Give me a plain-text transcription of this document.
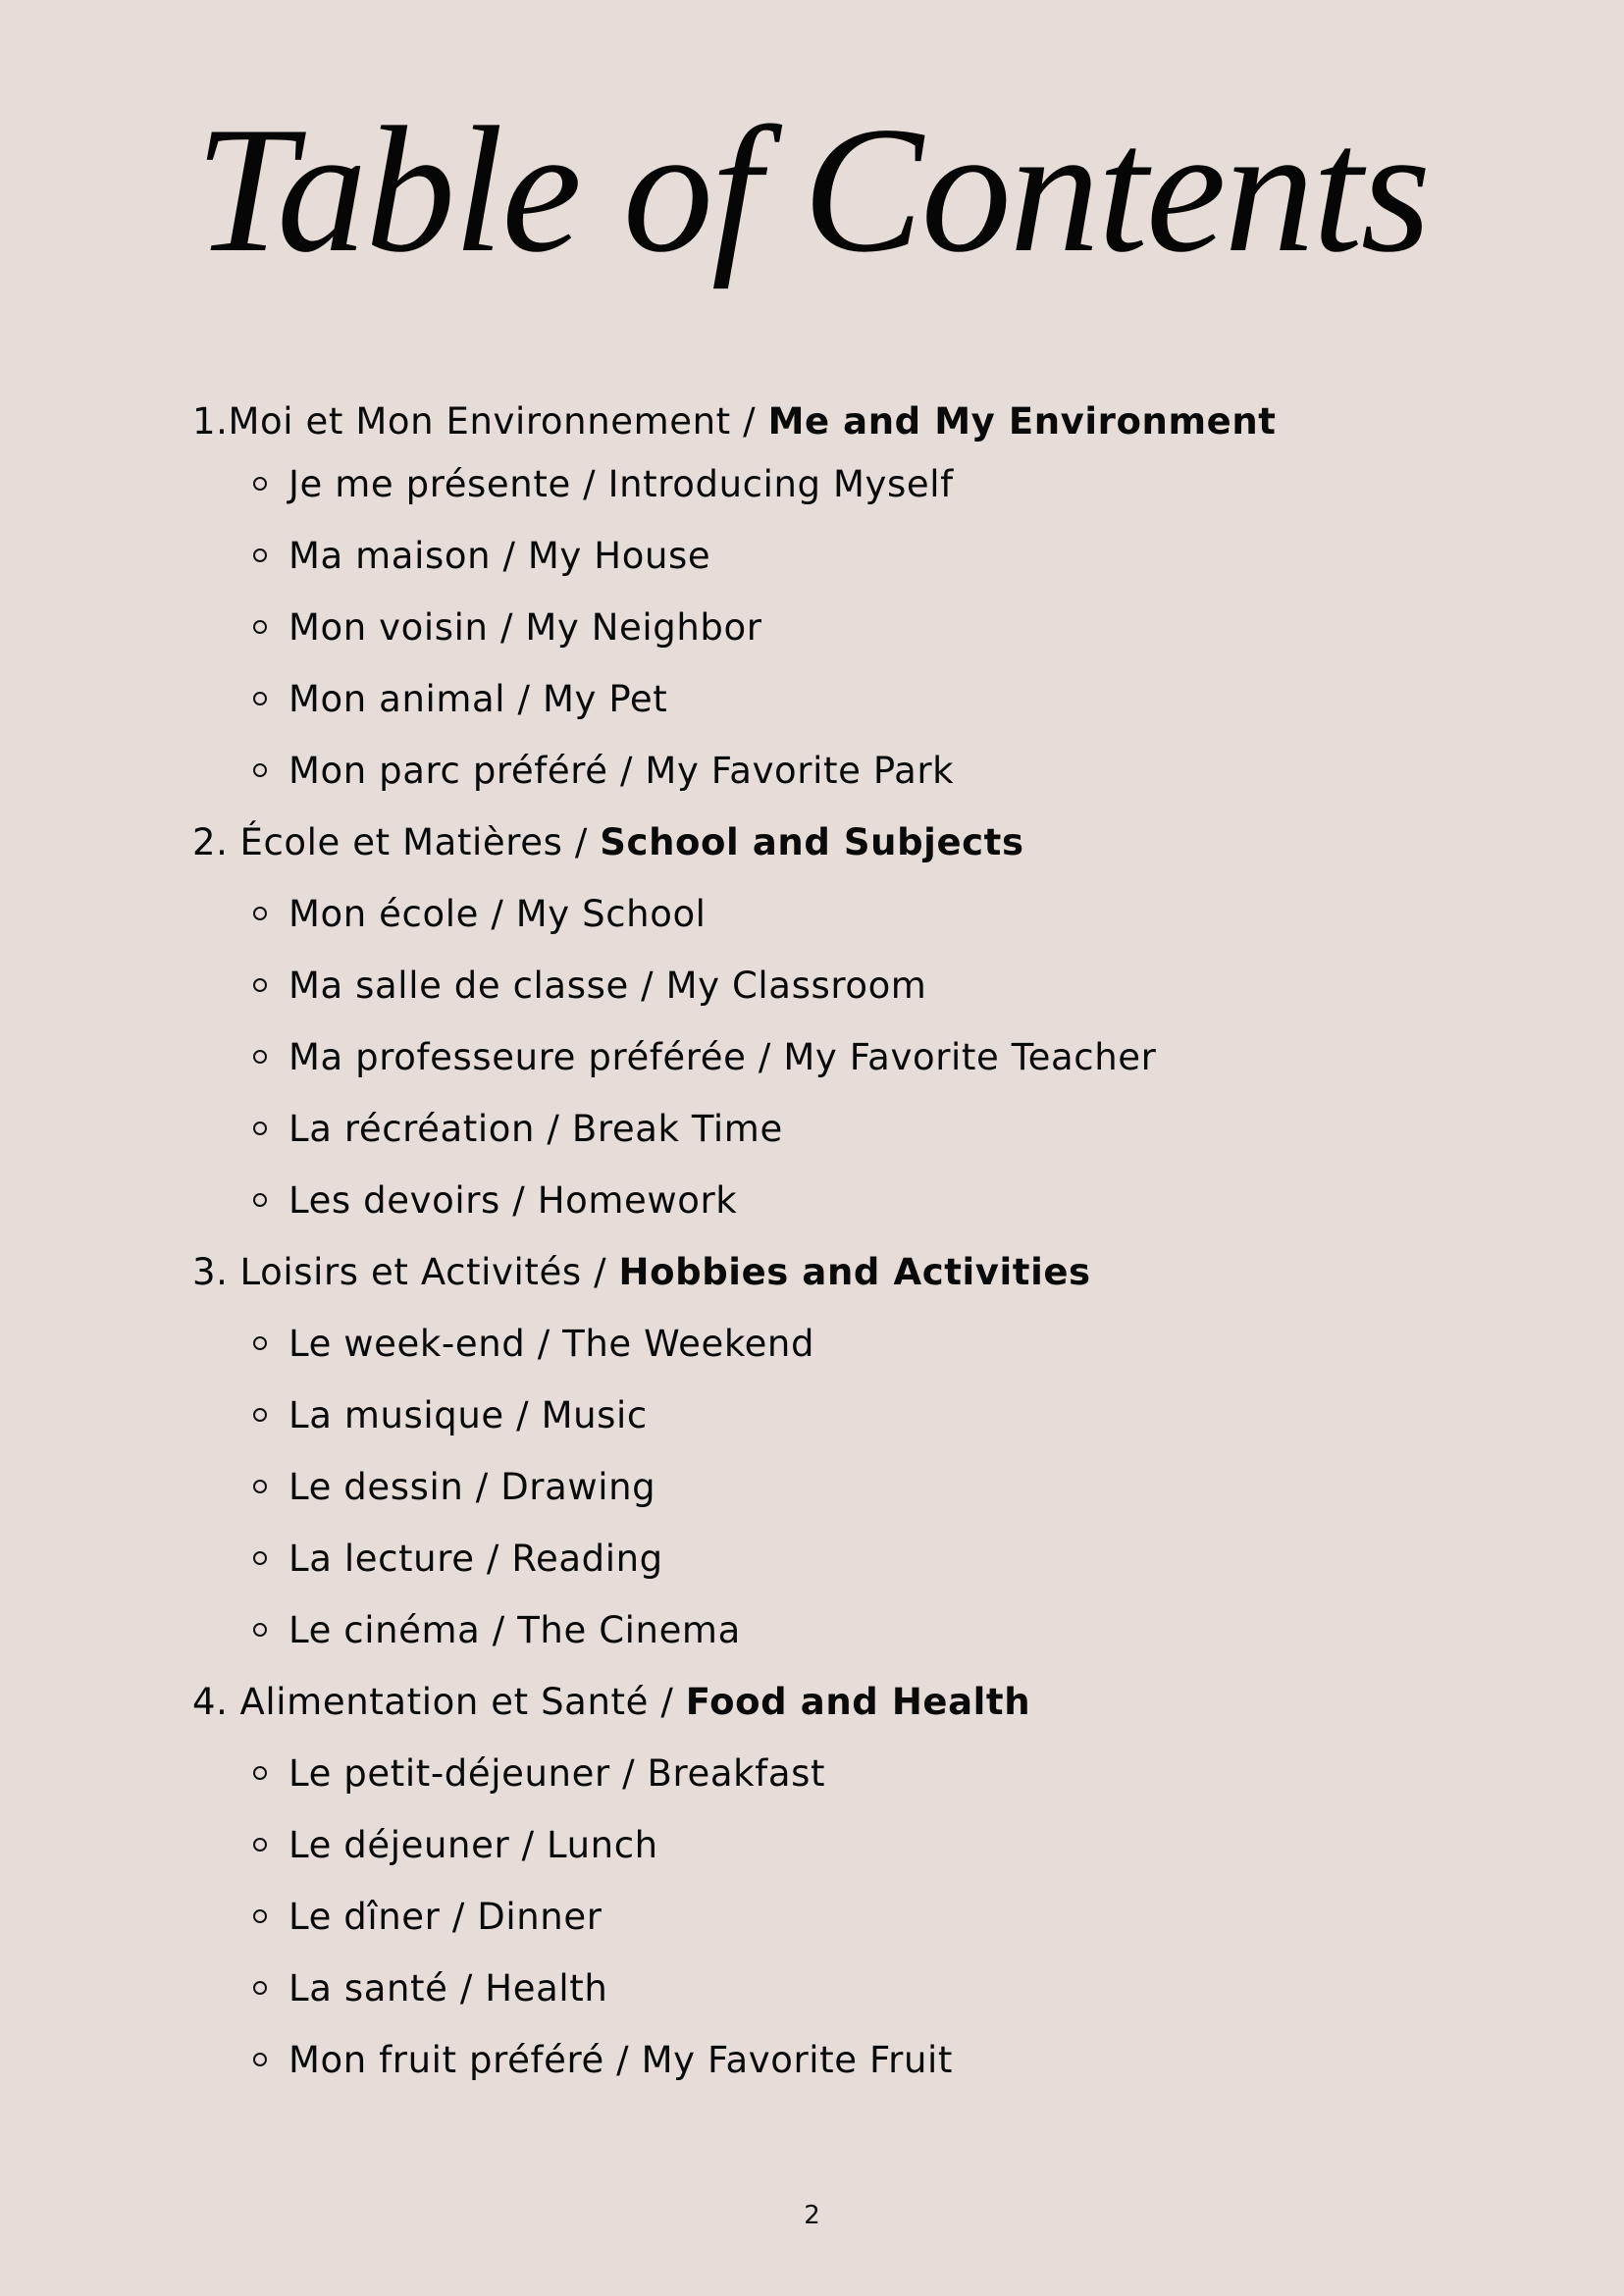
Table of Contents
1.Moi et Mon Environnement / Me and My Environment
Je me présente / Introducing Myself
Ma maison / My House
Mon voisin / My Neighbor
Mon animal / My Pet
Mon parc préféré / My Favorite Park
2. École et Matières / School and Subjects
Mon école / My School
Ma salle de classe / My Classroom
Ma professeure préférée / My Favorite Teacher
La récréation / Break Time
Les devoirs / Homework
3. Loisirs et Activités / Hobbies and Activities
Le week-end / The Weekend
La musique / Music
Le dessin / Drawing
La lecture / Reading
Le cinéma / The Cinema
4. Alimentation et Santé / Food and Health
Le petit-déjeuner / Breakfast
Le déjeuner / Lunch
Le dîner / Dinner
La santé / Health
Mon fruit préféré / My Favorite Fruit
2
